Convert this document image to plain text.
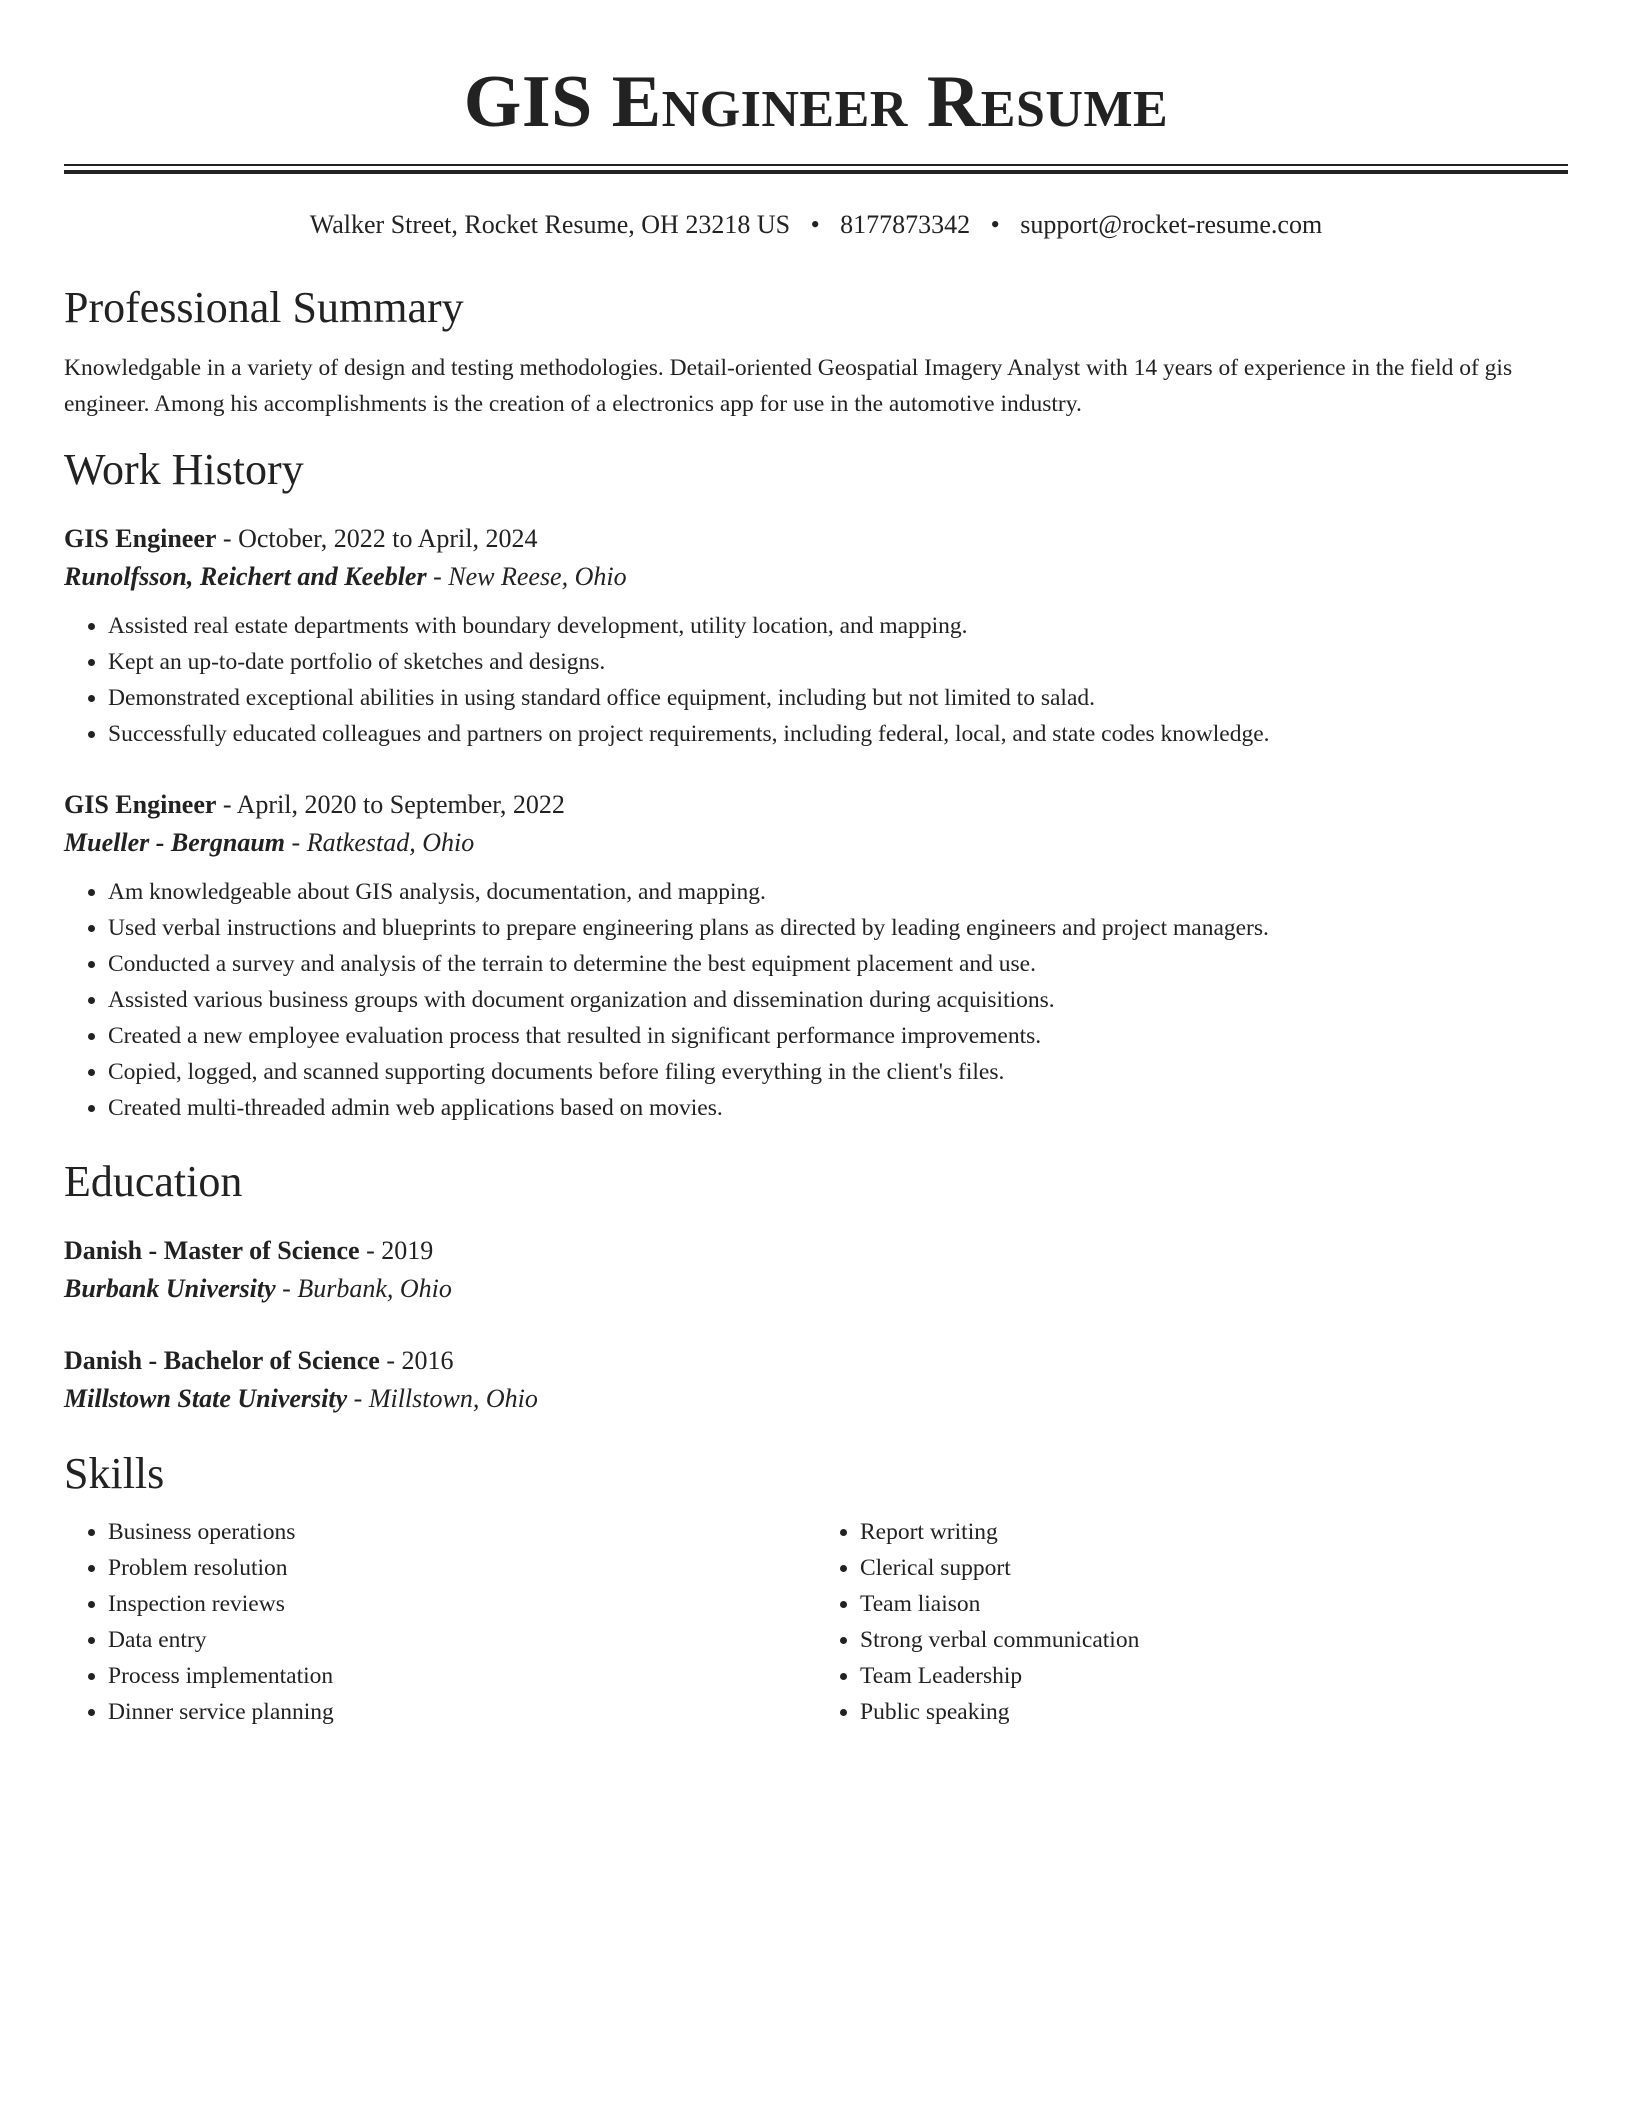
GIS Engineer Resume
Walker Street, Rocket Resume, OH 23218 US • 8177873342 • support@rocket-resume.com
Professional Summary

Knowledgable in a variety of design and testing methodologies. Detail-oriented Geospatial Imagery Analyst with 14 years of experience in the field of gis engineer. Among his accomplishments is the creation of a electronics app for use in the automotive industry.

Work History
GIS Engineer - October, 2022 to April, 2024
Runolfsson, Reichert and Keebler - New Reese, Ohio
• Assisted real estate departments with boundary development, utility location, and mapping.
• Kept an up-to-date portfolio of sketches and designs.
• Demonstrated exceptional abilities in using standard office equipment, including but not limited to salad.
• Successfully educated colleagues and partners on project requirements, including federal, local, and state codes knowledge.
GIS Engineer - April, 2020 to September, 2022
Mueller - Bergnaum - Ratkestad, Ohio
• Am knowledgeable about GIS analysis, documentation, and mapping.
• Used verbal instructions and blueprints to prepare engineering plans as directed by leading engineers and project managers.
• Conducted a survey and analysis of the terrain to determine the best equipment placement and use.
• Assisted various business groups with document organization and dissemination during acquisitions.
• Created a new employee evaluation process that resulted in significant performance improvements.
• Copied, logged, and scanned supporting documents before filing everything in the client's files.
• Created multi-threaded admin web applications based on movies.
Education
Danish - Master of Science - 2019
Burbank University - Burbank, Ohio
Danish - Bachelor of Science - 2016
Millstown State University - Millstown, Ohio
Skills
• Business operations
• Problem resolution
• Inspection reviews
• Data entry
• Process implementation
• Dinner service planning
• Report writing
• Clerical support
• Team liaison
• Strong verbal communication
• Team Leadership
• Public speaking
